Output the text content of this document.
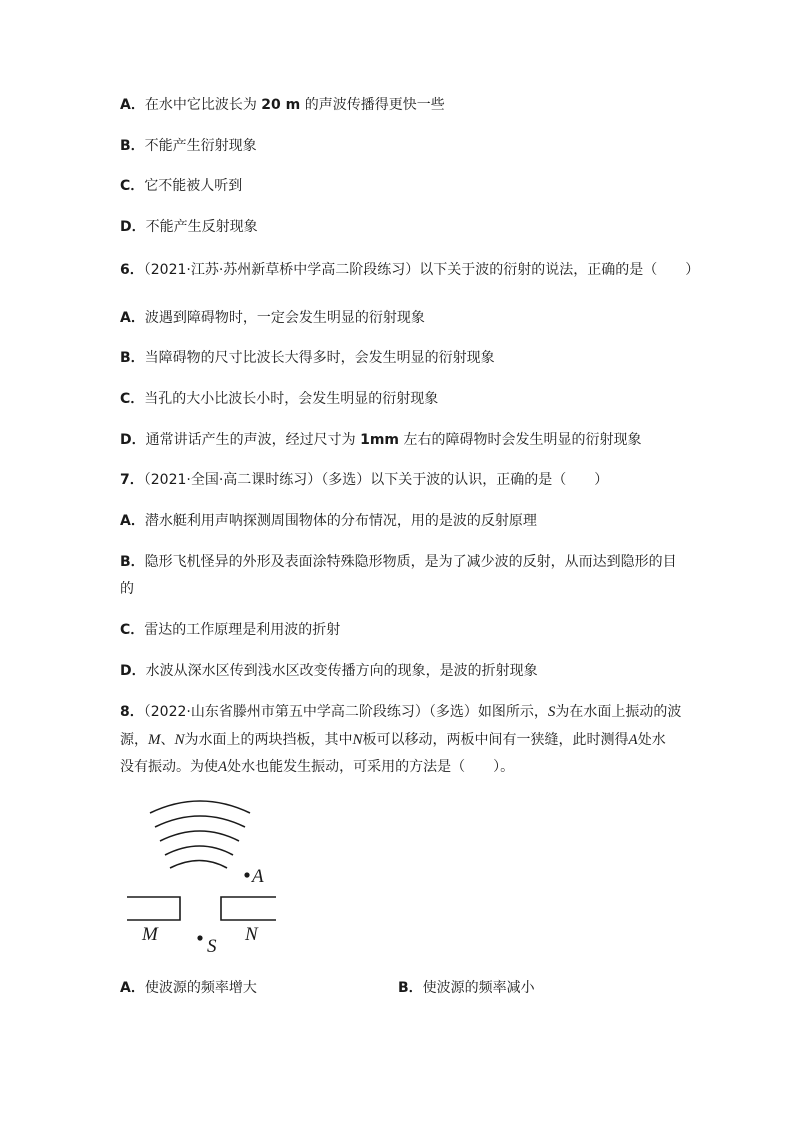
A．在水中它比波长为 20 m 的声波传播得更快一些
B．不能产生衍射现象
C．它不能被人听到
D．不能产生反射现象
6．（2021·江苏·苏州新草桥中学高二阶段练习）以下关于波的衍射的说法，正确的是（　　）
A．波遇到障碍物时，一定会发生明显的衍射现象
B．当障碍物的尺寸比波长大得多时，会发生明显的衍射现象
C．当孔的大小比波长小时，会发生明显的衍射现象
D．通常讲话产生的声波，经过尺寸为 1mm 左右的障碍物时会发生明显的衍射现象
7．（2021·全国·高二课时练习）（多选）以下关于波的认识，正确的是（　　）
A．潜水艇利用声呐探测周围物体的分布情况，用的是波的反射原理
B．隐形飞机怪异的外形及表面涂特殊隐形物质，是为了减少波的反射，从而达到隐形的目
的
C．雷达的工作原理是利用波的折射
D．水波从深水区传到浅水区改变传播方向的现象，是波的折射现象
8．（2022·山东省滕州市第五中学高二阶段练习）（多选）如图所示，S为在水面上振动的波
源，M、N为水面上的两块挡板，其中N板可以移动，两板中间有一狭缝，此时测得A处水
没有振动。为使A处水也能发生振动，可采用的方法是（　　）。
A
M	N
S
A．使波源的频率增大	B．使波源的频率减小
